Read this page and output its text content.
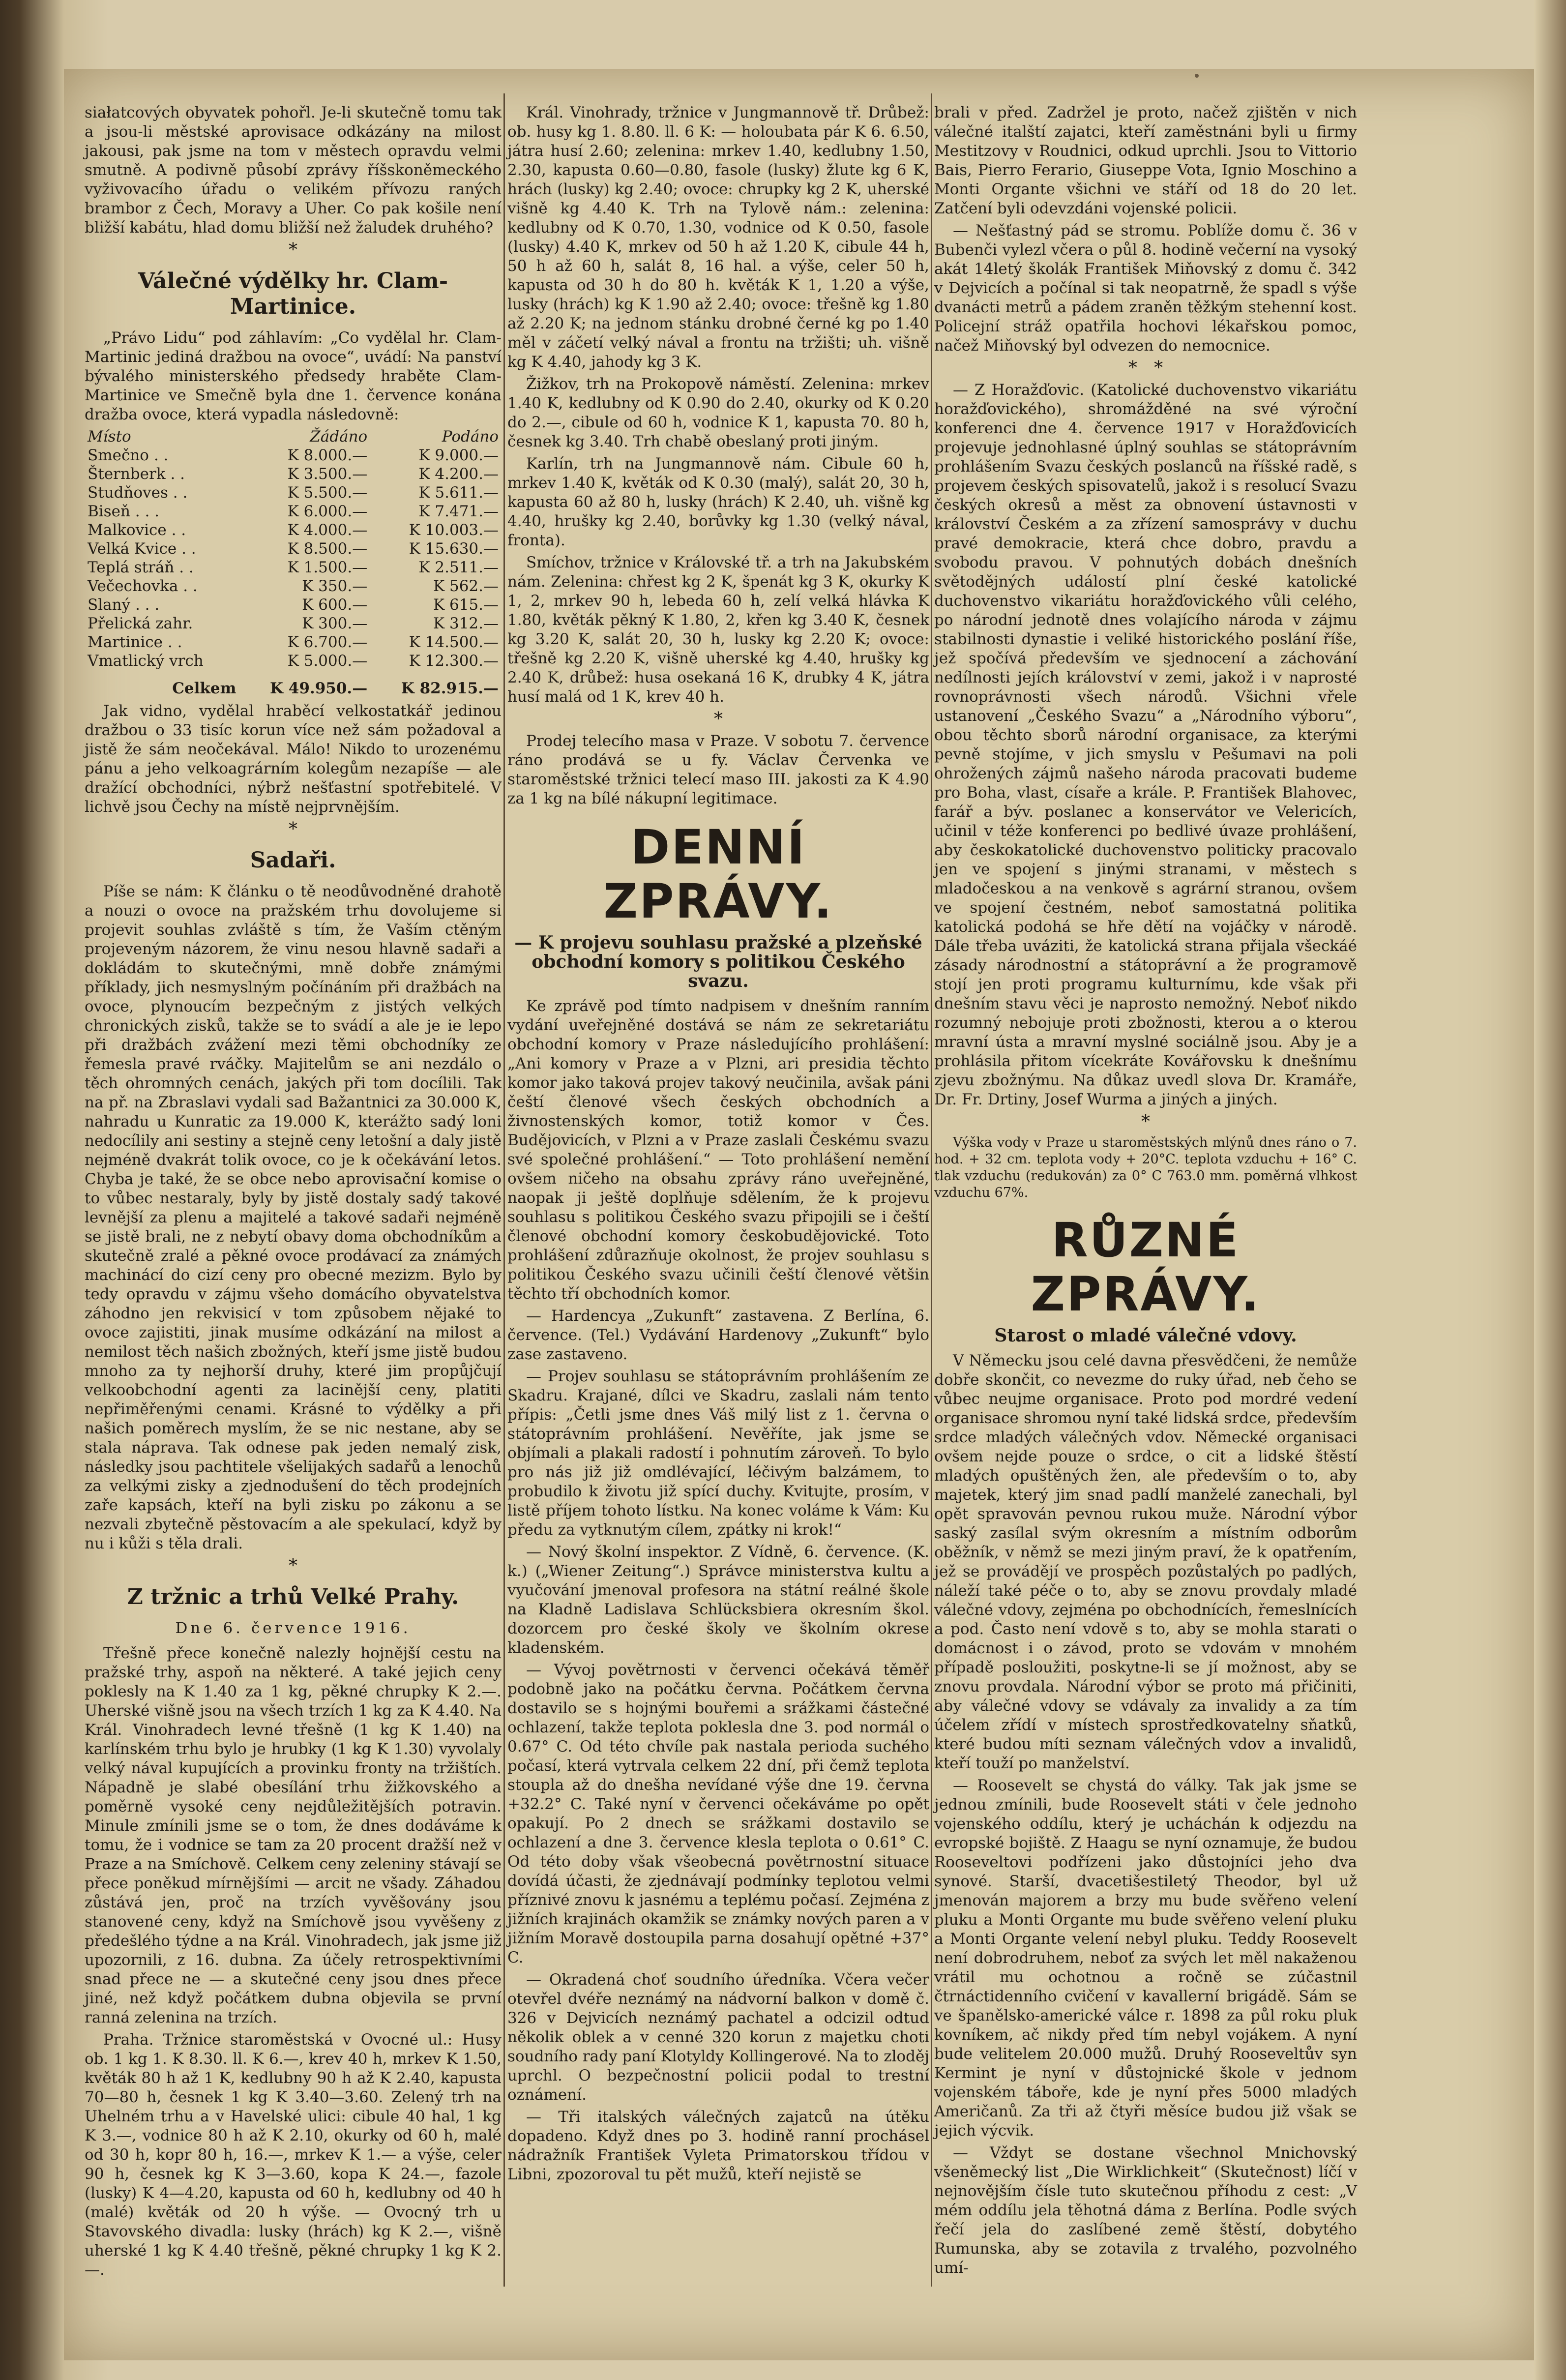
siałatcových obyvatek pohořl. Je-li skutečně tomu tak a jsou-li městské aprovisace odkázány na milost jakousi, pak jsme na tom v městech opravdu velmi smutně. A podivně působí zprávy říšskoněmeckého vyživovacího úřadu o velikém přívozu raných brambor z Čech, Moravy a Uher. Co pak košile není bližší kabátu, hlad domu bližší než žaludek druhého?

*
Válečné výdělky hr. Clam-Martinice.

„Právo Lidu“ pod záhlavím: „Co vydělal hr. Clam-Martinic jediná dražbou na ovoce“, uvádí: Na panství bývalého ministerského předsedy hraběte Clam-Martinice ve Smečně byla dne 1. července konána dražba ovoce, která vypadla následovně:

Místo	Žádáno	Podáno
Smečno . .	K 8.000.—	K 9.000.—
Šternberk . .	K 3.500.—	K 4.200.—
Studňoves . .	K 5.500.—	K 5.611.—
Biseň . . .	K 6.000.—	K 7.471.—
Malkovice . .	K 4.000.—	K 10.003.—
Velká Kvice . .	K 8.500.—	K 15.630.—
Teplá stráň . .	K 1.500.—	K 2.511.—
Večechovka . .	K 350.—	K 562.—
Slaný . . .	K 600.—	K 615.—
Přelická zahr.	K 300.—	K 312.—
Martinice . .	K 6.700.—	K 14.500.—
Vmatlický vrch	K 5.000.—	K 12.300.—
Celkem	K 49.950.—	K 82.915.—

Jak vidno, vydělal hraběcí velkostatkář jedinou dražbou o 33 tisíc korun více než sám požadoval a jistě že sám neočekával. Málo! Nikdo to urozenému pánu a jeho velkoagrárním kolegům nezapíše — ale dražící obchodníci, nýbrž nešťastní spotřebitelé. V lichvě jsou Čechy na místě nejprvnějším.

*
Sadaři.

Píše se nám: K článku o tě neodůvodněné drahotě a nouzi o ovoce na pražském trhu dovolujeme si projevit souhlas zvláště s tím, že Vaším ctěným projeveným názorem, že vinu nesou hlavně sadaři a dokládám to skutečnými, mně dobře známými příklady, jich nesmyslným počínáním při dražbách na ovoce, plynoucím bezpečným z jistých velkých chronických zisků, takže se to svádí a ale je ie lepo při dražbách zvážení mezi těmi obchodníky ze řemesla pravé rváčky. Majitelům se ani nezdálo o těch ohromných cenách, jakých při tom docílili. Tak na př. na Zbraslavi vydali sad Bažantnici za 30.000 K, nahradu u Kunratic za 19.000 K, kterážto sadý loni nedocílily ani sestiny a stejně ceny letošní a daly jistě nejméně dvakrát tolik ovoce, co je k očekávání letos. Chyba je také, že se obce nebo aprovisační komise o to vůbec nestaraly, byly by jistě dostaly sadý takové levnější za plenu a majitelé a takové sadaři nejméně se jistě brali, ne z nebytí obavy doma obchodníkům a skutečně zralé a pěkné ovoce prodávací za známých machinácí do cizí ceny pro obecné mezizm. Bylo by tedy opravdu v zájmu všeho domácího obyvatelstva záhodno jen rekvisicí v tom způsobem nějaké to ovoce zajistiti, jinak musíme odkázání na milost a nemilost těch našich zbožných, kteří jsme jistě budou mnoho za ty nejhorší druhy, které jim propůjčují velkoobchodní agenti za lacinější ceny, platiti nepřiměřenými cenami. Krásné to výdělky a při našich poměrech myslím, že se nic nestane, aby se stala náprava. Tak odnese pak jeden nemalý zisk, následky jsou pachtitele všelijakých sadařů a lenochů za velkými zisky a zjednodušení do těch prodejních zaře kapsách, kteří na byli zisku po zákonu a se nezvali zbytečně pěstovacím a ale spekulací, když by nu i kůži s těla drali.

*
Z tržnic a trhů Velké Prahy.
Dne 6. července 1916.

Třešně přece konečně nalezly hojnější cestu na pražské trhy, aspoň na některé. A také jejich ceny poklesly na K 1.40 za 1 kg, pěkné chrupky K 2.—. Uherské višně jsou na všech trzích 1 kg za K 4.40. Na Král. Vinohradech levné třešně (1 kg K 1.40) na karlínském trhu bylo je hrubky (1 kg K 1.30) vyvolaly velký nával kupujících a provinku fronty na tržištích. Nápadně je slabé obesílání trhu žižkovského a poměrně vysoké ceny nejdůležitějších potravin. Minule zmínili jsme se o tom, že dnes dodáváme k tomu, že i vodnice se tam za 20 procent dražší než v Praze a na Smíchově. Celkem ceny zeleniny stávají se přece poněkud mírnějšími — arcit ne všady. Záhadou zůstává jen, proč na trzích vyvěšovány jsou stanovené ceny, když na Smíchově jsou vyvěšeny z předešlého týdne a na Král. Vinohradech, jak jsme již upozornili, z 16. dubna. Za účely retrospektivními snad přece ne — a skutečné ceny jsou dnes přece jiné, než když počátkem dubna objevila se první ranná zelenina na trzích.

Praha. Tržnice staroměstská v Ovocné ul.: Husy ob. 1 kg 1. K 8.30. ll. K 6.—, krev 40 h, mrkev K 1.50, květák 80 h až 1 K, kedlubny 90 h až K 2.40, kapusta 70—80 h, česnek 1 kg K 3.40—3.60. Zelený trh na Uhelném trhu a v Havelské ulici: cibule 40 hal, 1 kg K 3.—, vodnice 80 h až K 2.10, okurky od 60 h, malé od 30 h, kopr 80 h, 16.—, mrkev K 1.— a výše, celer 90 h, česnek kg K 3—3.60, kopa K 24.—, fazole (lusky) K 4—4.20, kapusta od 60 h, kedlubny od 40 h (malé) květák od 20 h výše. — Ovocný trh u Stavovského divadla: lusky (hrách) kg K 2.—, višně uherské 1 kg K 4.40 třešně, pěkné chrupky 1 kg K 2.—.

Král. Vinohrady, tržnice v Jungmannově tř. Drůbež: ob. husy kg 1. 8.80. ll. 6 K: — holoubata pár K 6. 6.50, játra husí 2.60; zelenina: mrkev 1.40, kedlubny 1.50, 2.30, kapusta 0.60—0.80, fasole (lusky) žlute kg 6 K, hrách (lusky) kg 2.40; ovoce: chrupky kg 2 K, uherské višně kg 4.40 K. Trh na Tylově nám.: zelenina: kedlubny od K 0.70, 1.30, vodnice od K 0.50, fasole (lusky) 4.40 K, mrkev od 50 h až 1.20 K, cibule 44 h, 50 h až 60 h, salát 8, 16 hal. a výše, celer 50 h, kapusta od 30 h do 80 h. květák K 1, 1.20 a výše, lusky (hrách) kg K 1.90 až 2.40; ovoce: třešně kg 1.80 až 2.20 K; na jednom stánku drobné černé kg po 1.40 měl v záčetí velký nával a frontu na tržišti; uh. višně kg K 4.40, jahody kg 3 K.

Žižkov, trh na Prokopově náměstí. Zelenina: mrkev 1.40 K, kedlubny od K 0.90 do 2.40, okurky od K 0.20 do 2.—, cibule od 60 h, vodnice K 1, kapusta 70. 80 h, česnek kg 3.40. Trh chabě obeslaný proti jiným.

Karlín, trh na Jungmannově nám. Cibule 60 h, mrkev 1.40 K, květák od K 0.30 (malý), salát 20, 30 h, kapusta 60 až 80 h, lusky (hrách) K 2.40, uh. višně kg 4.40, hrušky kg 2.40, borůvky kg 1.30 (velký nával, fronta).

Smíchov, tržnice v Královské tř. a trh na Jakubském nám. Zelenina: chřest kg 2 K, špenát kg 3 K, okurky K 1, 2, mrkev 90 h, lebeda 60 h, zelí velká hlávka K 1.80, květák pěkný K 1.80, 2, křen kg 3.40 K, česnek kg 3.20 K, salát 20, 30 h, lusky kg 2.20 K; ovoce: třešně kg 2.20 K, višně uherské kg 4.40, hrušky kg 2.40 K, drůbež: husa osekaná 16 K, drubky 4 K, játra husí malá od 1 K, krev 40 h.

*

Prodej telecího masa v Praze. V sobotu 7. července ráno prodává se u fy. Václav Červenka ve staroměstské tržnici telecí maso III. jakosti za K 4.90 za 1 kg na bílé nákupní legitimace.

DENNÍ ZPRÁVY.
— K projevu souhlasu pražské a plzeňské obchodní komory s politikou Českého svazu.

Ke zprávě pod tímto nadpisem v dnešním ranním vydání uveřejněné dostává se nám ze sekretariátu obchodní komory v Praze následujícího prohlášení: „Ani komory v Praze a v Plzni, ari presidia těchto komor jako taková projev takový neučinila, avšak páni čeští členové všech českých obchodních a živnostenských komor, totiž komor v Čes. Budějovicích, v Plzni a v Praze zaslali Českému svazu své společné prohlášení.“ — Toto prohlášení nemění ovšem ničeho na obsahu zprávy ráno uveřejněné, naopak ji ještě doplňuje sdělením, že k projevu souhlasu s politikou Českého svazu připojili se i čeští členové obchodní komory českobudějovické. Toto prohlášení zdůrazňuje okolnost, že projev souhlasu s politikou Českého svazu učinili čeští členové většin těchto tří obchodních komor.

— Hardencya „Zukunft“ zastavena. Z Berlína, 6. července. (Tel.) Vydávání Hardenovy „Zukunft“ bylo zase zastaveno.

— Projev souhlasu se státoprávním prohlášením ze Skadru. Krajané, dílci ve Skadru, zaslali nám tento přípis: „Četli jsme dnes Váš milý list z 1. června o státoprávním prohlášení. Nevěříte, jak jsme se objímali a plakali radostí i pohnutím zároveň. To bylo pro nás již již omdlévající, léčivým balzámem, to probudilo k životu již spící duchy. Kvitujte, prosím, v listě příjem tohoto lístku. Na konec voláme k Vám: Ku předu za vytknutým cílem, zpátky ni krok!“

— Nový školní inspektor. Z Vídně, 6. července. (K. k.) („Wiener Zeitung“.) Správce ministerstva kultu a vyučování jmenoval profesora na státní reálné škole na Kladně Ladislava Schlücksbiera okresním škol. dozorcem pro české školy ve školním okrese kladenském.

— Vývoj povětrnosti v červenci očekává těměř podobně jako na počátku června. Počátkem června dostavilo se s hojnými bouřemi a srážkami částečné ochlazení, takže teplota poklesla dne 3. pod normál o 0.67° C. Od této chvíle pak nastala perioda suchého počasí, která vytrvala celkem 22 dní, při čemž teplota stoupla až do dnešha nevídané výše dne 19. června +32.2° C. Také nyní v červenci očekáváme po opět opakují. Po 2 dnech se srážkami dostavilo se ochlazení a dne 3. července klesla teplota o 0.61° C. Od této doby však všeobecná povětrnostní situace dovídá účasti, že zjednávají podmínky teplotou velmi příznivé znovu k jasnému a teplému počasí. Zejména z jižních krajinách okamžik se známky nových paren a v jižním Moravě dostoupila parna dosahují opětné +37° C.

— Okradená choť soudního úředníka. Včera večer otevřel dvéře neznámý na nádvorní balkon v domě č. 326 v Dejvicích neznámý pachatel a odcizil odtud několik oblek a v cenné 320 korun z majetku choti soudního rady paní Klotyldy Kollingerové. Na to zloděj uprchl. O bezpečnostní policii podal to trestní oznámení.

— Tři italských válečných zajatců na útěku dopadeno. Když dnes po 3. hodině ranní prochásel nádražník František Vyleta Primatorskou třídou v Libni, zpozoroval tu pět mužů, kteří nejistě se

brali v před. Zadržel je proto, načež zjištěn v nich válečné italští zajatci, kteří zaměstnáni byli u firmy Mestitzovy v Roudnici, odkud uprchli. Jsou to Vittorio Bais, Pierro Ferario, Giuseppe Vota, Ignio Moschino a Monti Organte všichni ve stáří od 18 do 20 let. Zatčení byli odevzdáni vojenské policii.

— Nešťastný pád se stromu. Poblíže domu č. 36 v Bubenči vylezl včera o půl 8. hodině večerní na vysoký akát 14letý školák František Miňovský z domu č. 342 v Dejvicích a počínal si tak neopatrně, že spadl s výše dvanácti metrů a pádem zraněn těžkým stehenní kost. Policejní stráž opatřila hochovi lékařskou pomoc, načež Miňovský byl odvezen do nemocnice.

*   *

— Z Horažďovic. (Katolické duchovenstvo vikariátu horažďovického), shromážděné na své výroční konferenci dne 4. července 1917 v Horažďovicích projevuje jednohlasné úplný souhlas se státoprávním prohlášením Svazu českých poslanců na říšské radě, s projevem českých spisovatelů, jakož i s resolucí Svazu českých okresů a měst za obnovení ústavnosti v království Českém a za zřízení samosprávy v duchu pravé demokracie, která chce dobro, pravdu a svobodu pravou. V pohnutých dobách dnešních světodějných událostí plní české katolické duchovenstvo vikariátu horažďovického vůli celého, po národní jednotě dnes volajícího národa v zájmu stabilnosti dynastie i veliké historického poslání říše, jež spočívá především ve sjednocení a záchování nedílnosti jejích království v zemi, jakož i v naprosté rovnoprávnosti všech národů. Všichni vřele ustanovení „Českého Svazu“ a „Národního výboru“, obou těchto sborů národní organisace, za kterými pevně stojíme, v jich smyslu v Pešumavi na poli ohrožených zájmů našeho národa pracovati budeme pro Boha, vlast, císaře a krále. P. František Blahovec, farář a býv. poslanec a konservátor ve Velericích, učinil v téže konferenci po bedlivé úvaze prohlášení, aby českokatolické duchovenstvo politicky pracovalo jen ve spojení s jinými stranami, v městech s mladočeskou a na venkově s agrární stranou, ovšem ve spojení čestném, neboť samostatná politika katolická podohá se hře dětí na vojáčky v národě. Dále třeba uváziti, že katolická strana přijala všeckáé zásady národnostní a státoprávní a že programově stojí jen proti programu kulturnímu, kde však při dnešním stavu věci je naprosto nemožný. Neboť nikdo rozumný nebojuje proti zbožnosti, kterou a o kterou mravní ústa a mravní myslné sociálně jsou. Aby je a prohlásila přitom vícekráte Kovářovsku k dnešnímu zjevu zbožnýmu. Na důkaz uvedl slova Dr. Kramáře, Dr. Fr. Drtiny, Josef Wurma a jiných a jiných.

*

Výška vody v Praze u staroměstských mlýnů dnes ráno o 7. hod. + 32 cm. teplota vody + 20°C. teplota vzduchu + 16° C. tlak vzduchu (redukován) za 0° C 763.0 mm. poměrná vlhkost vzduchu 67%.

RŮZNÉ ZPRÁVY.
Starost o mladé válečné vdovy.

V Německu jsou celé davna přesvědčeni, že nemůže dobře skončit, co nevezme do ruky úřad, neb čeho se vůbec neujme organisace. Proto pod mordré vedení organisace shromou nyní také lidská srdce, především srdce mladých válečných vdov. Německé organisaci ovšem nejde pouze o srdce, o cit a lidské štěstí mladých opuštěných žen, ale především o to, aby majetek, který jim snad padlí manželé zanechali, byl opět spravován pevnou rukou muže. Národní výbor saský zasílal svým okresním a místním odborům oběžník, v němž se mezi jiným praví, že k opatřením, jež se provádějí ve prospěch pozůstalých po padlých, náleží také péče o to, aby se znovu provdaly mladé válečné vdovy, zejména po obchodnících, řemeslnících a pod. Často není vdově s to, aby se mohla starati o domácnost i o závod, proto se vdovám v mnohém případě posloužiti, poskytne-li se jí možnost, aby se znovu provdala. Národní výbor se proto má přičiniti, aby válečné vdovy se vdávaly za invalidy a za tím účelem zřídí v místech sprostředkovatelny sňatků, které budou míti seznam válečných vdov a invalidů, kteří touží po manželství.

— Roosevelt se chystá do války. Tak jak jsme se jednou zmínili, bude Roosevelt státi v čele jednoho vojenského oddílu, který je ucháchán k odjezdu na evropské bojiště. Z Haagu se nyní oznamuje, že budou Rooseveltovi podřízeni jako důstojníci jeho dva synové. Starší, dvacetišestiletý Theodor, byl už jmenován majorem a brzy mu bude svěřeno velení pluku a Monti Organte mu bude svěřeno velení pluku a Monti Organte velení nebyl pluku. Teddy Roosevelt není dobrodruhem, neboť za svých let měl nakaženou vrátil mu ochotnou a ročně se zúčastnil čtrnáctidenního cvičení v kavallerní brigádě. Sám se ve španělsko-americké válce r. 1898 za půl roku pluk kovníkem, ač nikdy před tím nebyl vojákem. A nyní bude velitelem 20.000 mužů. Druhý Rooseveltův syn Kermint je nyní v důstojnické škole v jednom vojenském táboře, kde je nyní přes 5000 mladých Američanů. Za tři až čtyři měsíce budou již však se jejich výcvik.

— Vždyt se dostane všechnol Mnichovský všeněmecký list „Die Wirklichkeit“ (Skutečnost) líčí v nejnovějším čísle tuto skutečnou příhodu z cest: „V mém oddílu jela těhotná dáma z Berlína. Podle svých řečí jela do zaslíbené země štěstí, dobytého Rumunska, aby se zotavila z trvalého, pozvolného umí-
